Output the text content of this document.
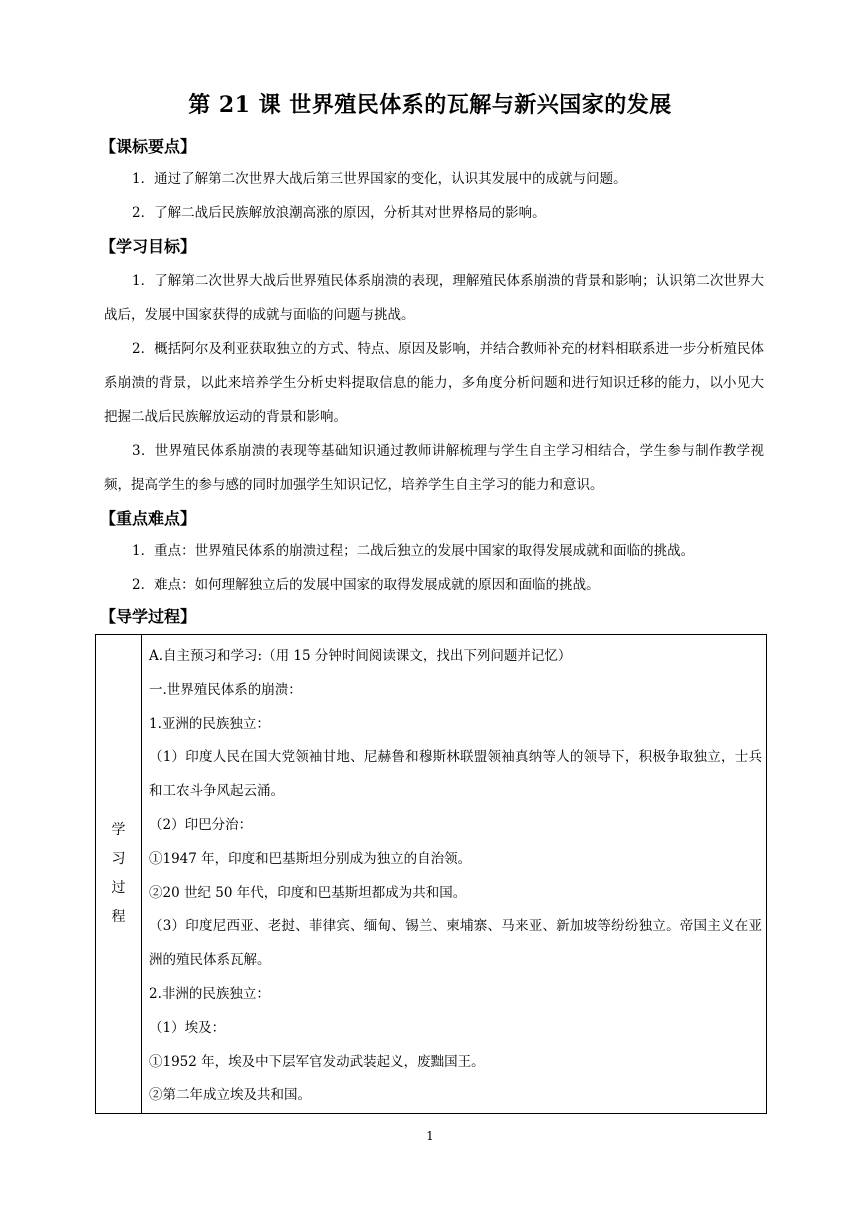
第 21 课 世界殖民体系的瓦解与新兴国家的发展
【课标要点】
1．通过了解第二次世界大战后第三世界国家的变化，认识其发展中的成就与问题。
2．了解二战后民族解放浪潮高涨的原因，分析其对世界格局的影响。
【学习目标】
1．了解第二次世界大战后世界殖民体系崩溃的表现，理解殖民体系崩溃的背景和影响；认识第二次世界大战后，发展中国家获得的成就与面临的问题与挑战。
2．概括阿尔及利亚获取独立的方式、特点、原因及影响，并结合教师补充的材料相联系进一步分析殖民体系崩溃的背景，以此来培养学生分析史料提取信息的能力，多角度分析问题和进行知识迁移的能力，以小见大把握二战后民族解放运动的背景和影响。
3．世界殖民体系崩溃的表现等基础知识通过教师讲解梳理与学生自主学习相结合，学生参与制作教学视频，提高学生的参与感的同时加强学生知识记忆，培养学生自主学习的能力和意识。
【重点难点】
1．重点：世界殖民体系的崩溃过程；二战后独立的发展中国家的取得发展成就和面临的挑战。
2．难点：如何理解独立后的发展中国家的取得发展成就的原因和面临的挑战。
【导学过程】
学
习
过
程

A.自主预习和学习:（用 15 分钟时间阅读课文，找出下列问题并记忆）
一.世界殖民体系的崩溃：
1.亚洲的民族独立：
（1）印度人民在国大党领袖甘地、尼赫鲁和穆斯林联盟领袖真纳等人的领导下，积极争取独立，士兵和工农斗争风起云涌。
（2）印巴分治：
①1947 年，印度和巴基斯坦分别成为独立的自治领。
②20 世纪 50 年代，印度和巴基斯坦都成为共和国。
（3）印度尼西亚、老挝、菲律宾、缅甸、锡兰、柬埔寨、马来亚、新加坡等纷纷独立。帝国主义在亚洲的殖民体系瓦解。
2.非洲的民族独立：
（1）埃及：
①1952 年，埃及中下层军官发动武装起义，废黜国王。
②第二年成立埃及共和国。
1
